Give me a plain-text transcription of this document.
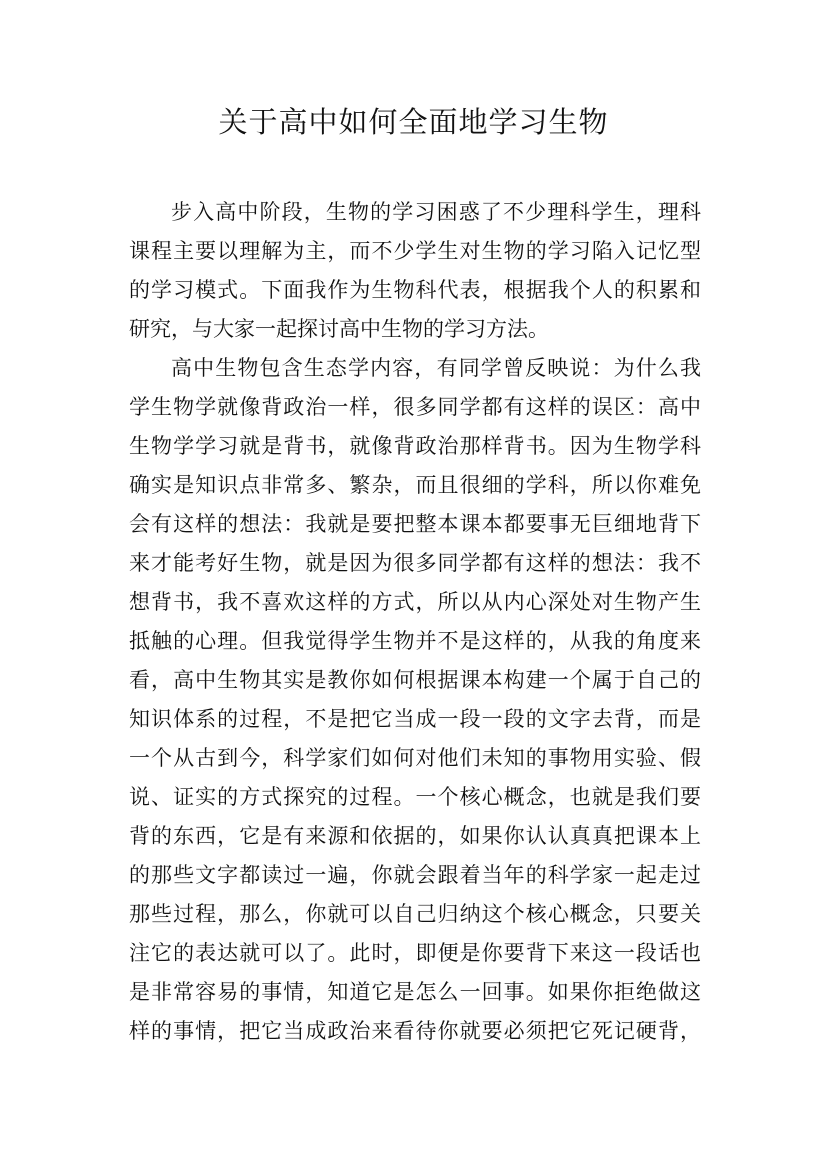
关于高中如何全面地学习生物
步入高中阶段，生物的学习困惑了不少理科学生，理科
课程主要以理解为主，而不少学生对生物的学习陷入记忆型
的学习模式。下面我作为生物科代表，根据我个人的积累和
研究，与大家一起探讨高中生物的学习方法。
高中生物包含生态学内容，有同学曾反映说：为什么我
学生物学就像背政治一样，很多同学都有这样的误区：高中
生物学学习就是背书，就像背政治那样背书。因为生物学科
确实是知识点非常多、繁杂，而且很细的学科，所以你难免
会有这样的想法：我就是要把整本课本都要事无巨细地背下
来才能考好生物，就是因为很多同学都有这样的想法：我不
想背书，我不喜欢这样的方式，所以从内心深处对生物产生
抵触的心理。但我觉得学生物并不是这样的，从我的角度来
看，高中生物其实是教你如何根据课本构建一个属于自己的
知识体系的过程，不是把它当成一段一段的文字去背，而是
一个从古到今，科学家们如何对他们未知的事物用实验、假
说、证实的方式探究的过程。一个核心概念，也就是我们要
背的东西，它是有来源和依据的，如果你认认真真把课本上
的那些文字都读过一遍，你就会跟着当年的科学家一起走过
那些过程，那么，你就可以自己归纳这个核心概念，只要关
注它的表达就可以了。此时，即便是你要背下来这一段话也
是非常容易的事情，知道它是怎么一回事。如果你拒绝做这
样的事情，把它当成政治来看待你就要必须把它死记硬背，
